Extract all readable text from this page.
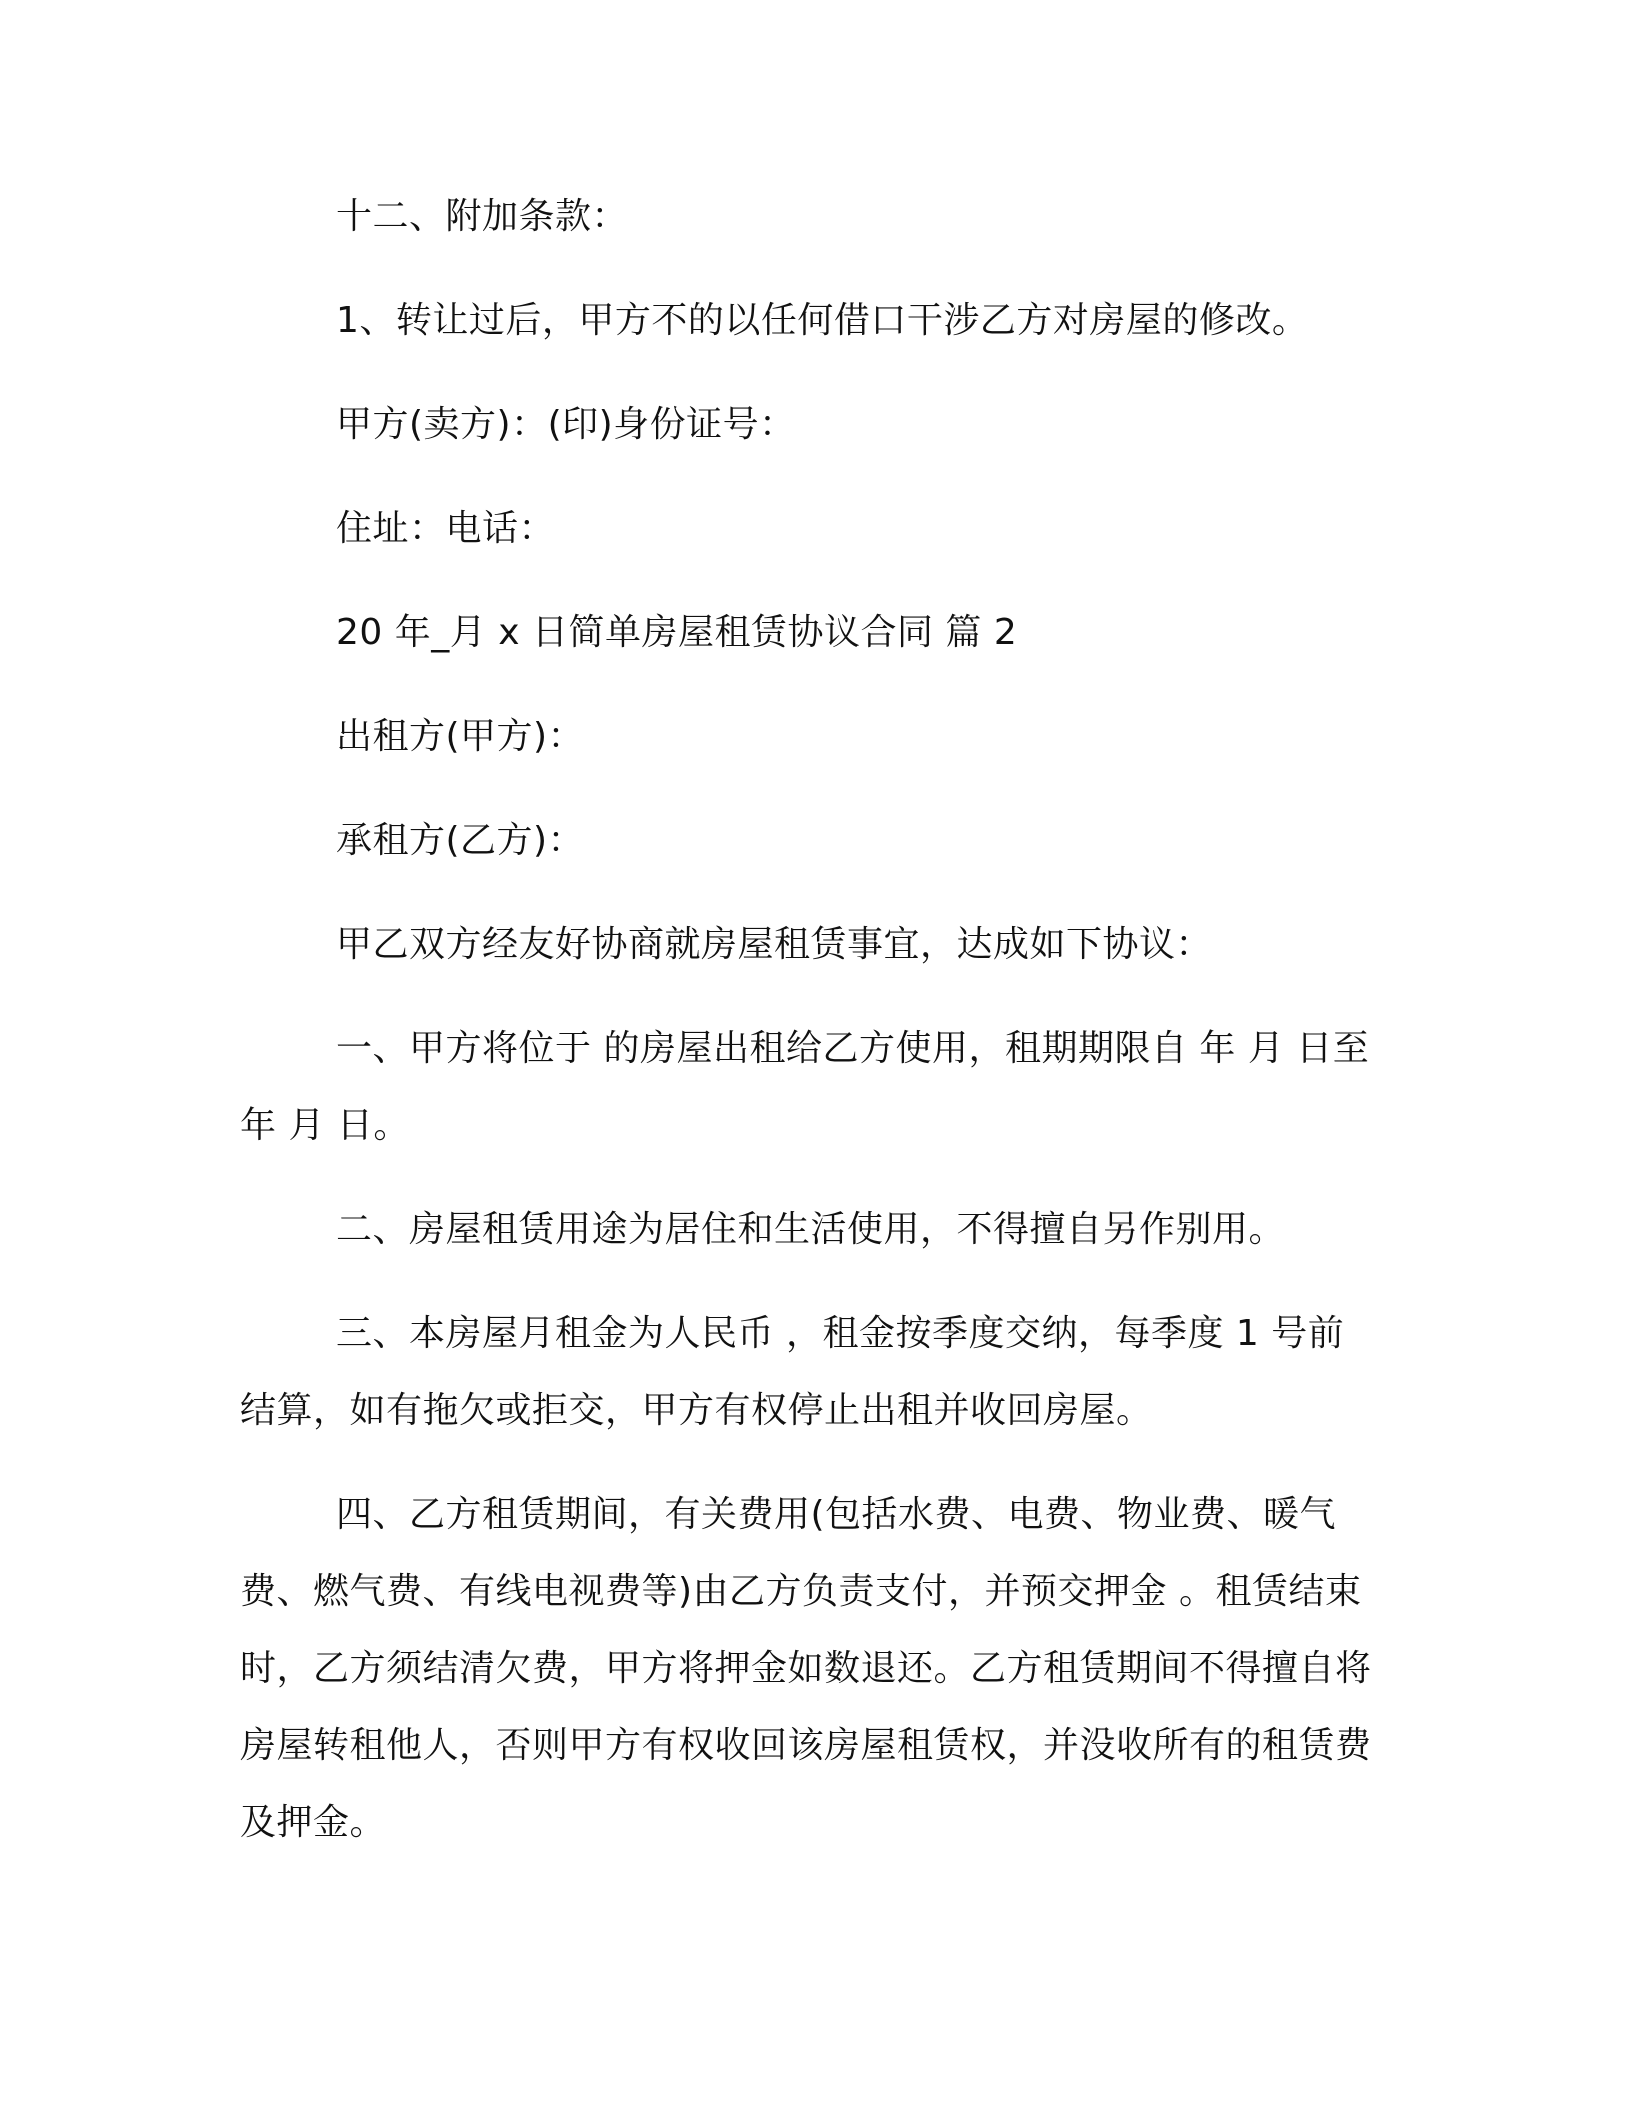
十二、附加条款：
1、转让过后，甲方不的以任何借口干涉乙方对房屋的修改。
甲方(卖方)：(印)身份证号：
住址：电话：
20 年_月 x 日简单房屋租赁协议合同 篇 2
出租方(甲方)：
承租方(乙方)：
甲乙双方经友好协商就房屋租赁事宜，达成如下协议：
一、甲方将位于 的房屋出租给乙方使用，租期期限自 年 月 日至 年 月 日。
二、房屋租赁用途为居住和生活使用，不得擅自另作别用。
三、本房屋月租金为人民币 ，租金按季度交纳，每季度 1 号前结算，如有拖欠或拒交，甲方有权停止出租并收回房屋。
四、乙方租赁期间，有关费用(包括水费、电费、物业费、暖气费、燃气费、有线电视费等)由乙方负责支付，并预交押金 。租赁结束时，乙方须结清欠费，甲方将押金如数退还。乙方租赁期间不得擅自将房屋转租他人，否则甲方有权收回该房屋租赁权，并没收所有的租赁费及押金。
